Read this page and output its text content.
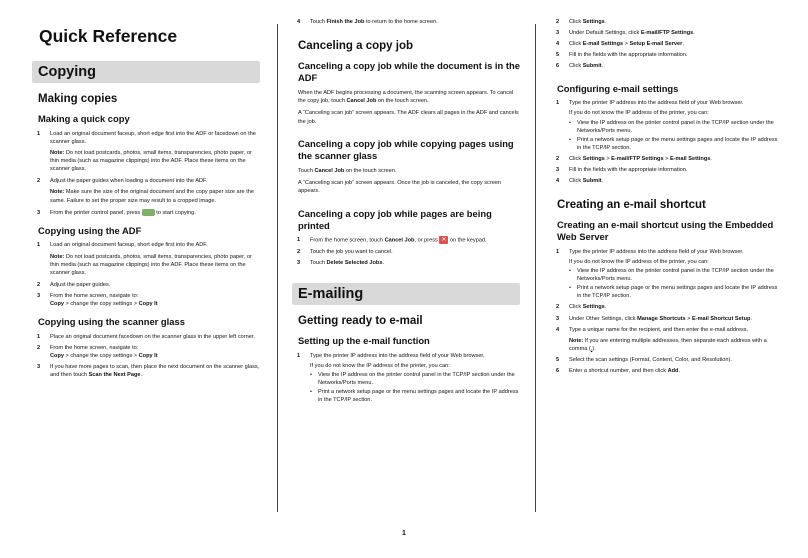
Quick Reference
Copying
Making copies
Making a quick copy
1 Load an original document faceup, short edge first into the ADF or facedown on the scanner glass.
Note: Do not load postcards, photos, small items, transparencies, photo paper, or thin media (such as magazine clippings) into the ADF. Place these items on the scanner glass.
2 Adjust the paper guides when loading a document into the ADF.
Note: Make sure the size of the original document and the copy paper size are the same. Failure to set the proper size may result to a cropped image.
3 From the printer control panel, press  to start copying.
Copying using the ADF
1 Load an original document faceup, short edge first into the ADF.
Note: Do not load postcards, photos, small items, transparencies, photo paper, or thin media (such as magazine clippings) into the ADF. Place these items on the scanner glass.
2 Adjust the paper guides.
3 From the home screen, navigate to:
Copy > change the copy settings > Copy It
Copying using the scanner glass
1 Place an original document facedown on the scanner glass in the upper left corner.
2 From the home screen, navigate to:
Copy > change the copy settings > Copy It
3 If you have more pages to scan, then place the next document on the scanner glass, and then touch Scan the Next Page.
4 Touch Finish the Job to return to the home screen.
Canceling a copy job
Canceling a copy job while the document is in the ADF
When the ADF begins processing a document, the scanning screen appears. To cancel the copy job, touch Cancel Job on the touch screen.
A “Canceling scan job” screen appears. The ADF clears all pages in the ADF and cancels the job.
Canceling a copy job while copying pages using the scanner glass
Touch Cancel Job on the touch screen.
A “Canceling scan job” screen appears. Once the job is canceled, the copy screen appears.
Canceling a copy job while pages are being printed
1 From the home screen, touch Cancel Job, or press ✕ on the keypad.
2 Touch the job you want to cancel.
3 Touch Delete Selected Jobs.
E-mailing
Getting ready to e-mail
Setting up the e-mail function
1 Type the printer IP address into the address field of your Web browser.
If you do not know the IP address of the printer, you can:
• View the IP address on the printer control panel in the TCP/IP section under the Networks/Ports menu.
• Print a network setup page or the menu settings pages and locate the IP address in the TCP/IP section.
2 Click Settings.
3 Under Default Settings, click E-mail/FTP Settings.
4 Click E-mail Settings > Setup E-mail Server.
5 Fill in the fields with the appropriate information.
6 Click Submit.
Configuring e-mail settings
1 Type the printer IP address into the address field of your Web browser.
If you do not know the IP address of the printer, you can:
• View the IP address on the printer control panel in the TCP/IP section under the Networks/Ports menu.
• Print a network setup page or the menu settings pages and locate the IP address in the TCP/IP section.
2 Click Settings > E-mail/FTP Settings > E-mail Settings.
3 Fill in the fields with the appropriate information.
4 Click Submit.
Creating an e-mail shortcut
Creating an e-mail shortcut using the Embedded Web Server
1 Type the printer IP address into the address field of your Web browser.
If you do not know the IP address of the printer, you can:
• View the IP address on the printer control panel in the TCP/IP section under the Networks/Ports menu.
• Print a network setup page or the menu settings pages and locate the IP address in the TCP/IP section.
2 Click Settings.
3 Under Other Settings, click Manage Shortcuts > E-mail Shortcut Setup.
4 Type a unique name for the recipient, and then enter the e-mail address.
Note: If you are entering multiple addresses, then separate each address with a comma (,).
5 Select the scan settings (Format, Content, Color, and Resolution).
6 Enter a shortcut number, and then click Add.
1
